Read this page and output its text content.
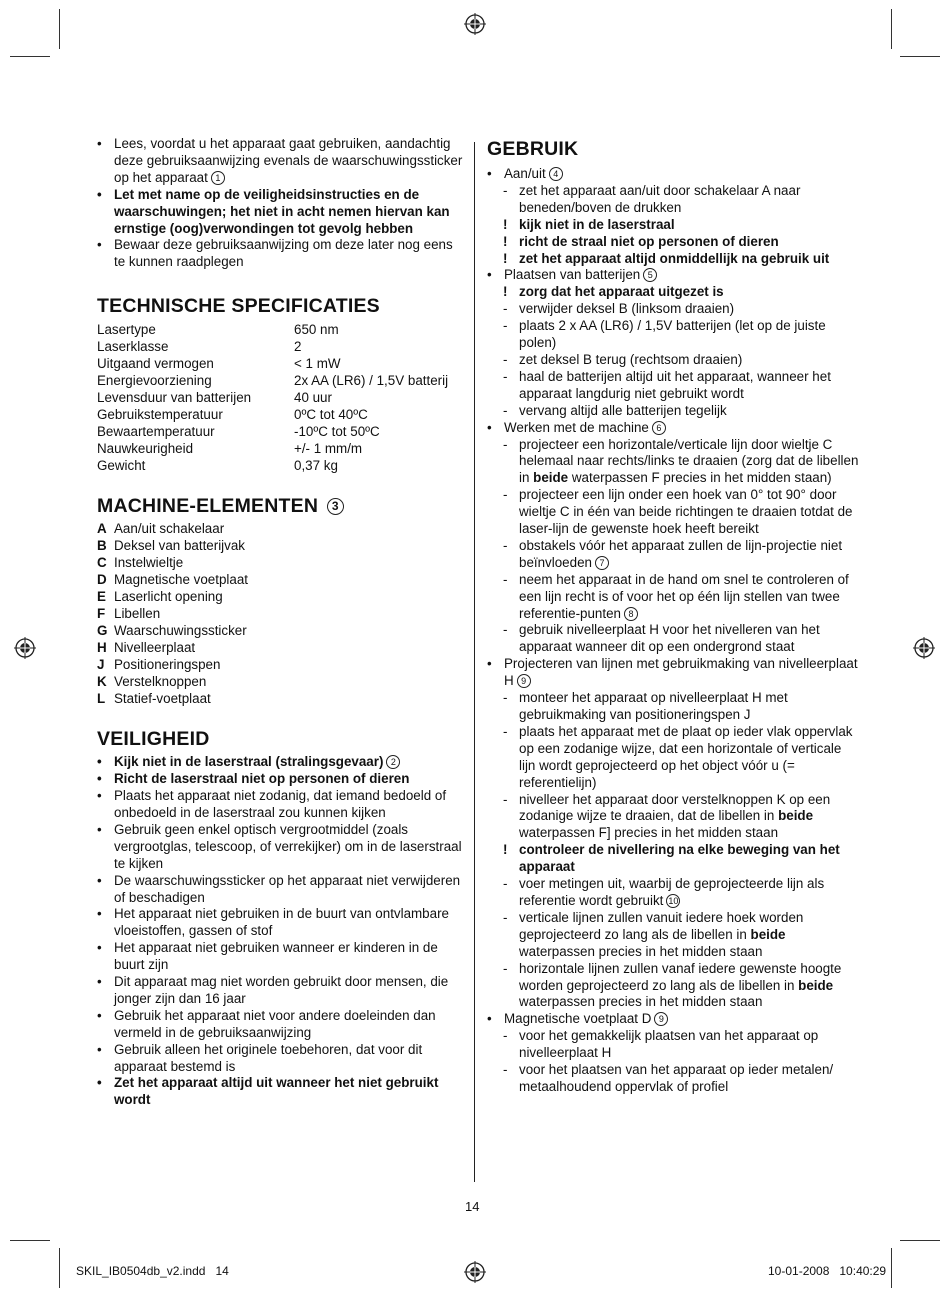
• Lees, voordat u het apparaat gaat gebruiken, aandachtig deze gebruiksaanwijzing evenals de waarschuwingssticker op het apparaat 1
• Let met name op de veiligheidsinstructies en de waarschuwingen; het niet in acht nemen hiervan kan ernstige (oog)verwondingen tot gevolg hebben
• Bewaar deze gebruiksaanwijzing om deze later nog eens te kunnen raadplegen
TECHNISCHE SPECIFICATIES
Lasertype	650 nm
Laserklasse	2
Uitgaand vermogen	< 1 mW
Energievoorziening	2x AA (LR6) / 1,5V batterij
Levensduur van batterijen	40 uur
Gebruikstemperatuur	0ºC tot 40ºC
Bewaartemperatuur	-10ºC tot 50ºC
Nauwkeurigheid	+/- 1 mm/m
Gewicht	0,37 kg
MACHINE-ELEMENTEN 3
A Aan/uit schakelaar
B Deksel van batterijvak
C Instelwieltje
D Magnetische voetplaat
E Laserlicht opening
F Libellen
G Waarschuwingssticker
H Nivelleerplaat
J Positioneringspen
K Verstelknoppen
L Statief-voetplaat
VEILIGHEID
• Kijk niet in de laserstraal (stralingsgevaar) 2
• Richt de laserstraal niet op personen of dieren
• Plaats het apparaat niet zodanig, dat iemand bedoeld of onbedoeld in de laserstraal zou kunnen kijken
• Gebruik geen enkel optisch vergrootmiddel (zoals vergrootglas, telescoop, of verrekijker) om in de laserstraal te kijken
• De waarschuwingssticker op het apparaat niet verwijderen of beschadigen
• Het apparaat niet gebruiken in de buurt van ontvlambare vloeistoffen, gassen of stof
• Het apparaat niet gebruiken wanneer er kinderen in de buurt zijn
• Dit apparaat mag niet worden gebruikt door mensen, die jonger zijn dan 16 jaar
• Gebruik het apparaat niet voor andere doeleinden dan vermeld in de gebruiksaanwijzing
• Gebruik alleen het originele toebehoren, dat voor dit apparaat bestemd is
• Zet het apparaat altijd uit wanneer het niet gebruikt wordt
GEBRUIK
• Aan/uit 4
- zet het apparaat aan/uit door schakelaar A naar beneden/boven de drukken
! kijk niet in de laserstraal
! richt de straal niet op personen of dieren
! zet het apparaat altijd onmiddellijk na gebruik uit
• Plaatsen van batterijen 5
! zorg dat het apparaat uitgezet is
- verwijder deksel B (linksom draaien)
- plaats 2 x AA (LR6) / 1,5V batterijen (let op de juiste polen)
- zet deksel B terug (rechtsom draaien)
- haal de batterijen altijd uit het apparaat, wanneer het apparaat langdurig niet gebruikt wordt
- vervang altijd alle batterijen tegelijk
• Werken met de machine 6
- projecteer een horizontale/verticale lijn door wieltje C helemaal naar rechts/links te draaien (zorg dat de libellen in beide waterpassen F precies in het midden staan)
- projecteer een lijn onder een hoek van 0° tot 90° door wieltje C in één van beide richtingen te draaien totdat de laser-lijn de gewenste hoek heeft bereikt
- obstakels vóór het apparaat zullen de lijn-projectie niet beïnvloeden 7
- neem het apparaat in de hand om snel te controleren of een lijn recht is of voor het op één lijn stellen van twee referentie-punten 8
- gebruik nivelleerplaat H voor het nivelleren van het apparaat wanneer dit op een ondergrond staat
• Projecteren van lijnen met gebruikmaking van nivelleerplaat H 9
- monteer het apparaat op nivelleerplaat H met gebruikmaking van positioneringspen J
- plaats het apparaat met de plaat op ieder vlak oppervlak op een zodanige wijze, dat een horizontale of verticale lijn wordt geprojecteerd op het object vóór u (= referentielijn)
- nivelleer het apparaat door verstelknoppen K op een zodanige wijze te draaien, dat de libellen in beide waterpassen F] precies in het midden staan
! controleer de nivellering na elke beweging van het apparaat
- voer metingen uit, waarbij de geprojecteerde lijn als referentie wordt gebruikt 10
- verticale lijnen zullen vanuit iedere hoek worden geprojecteerd zo lang als de libellen in beide waterpassen precies in het midden staan
- horizontale lijnen zullen vanaf iedere gewenste hoogte worden geprojecteerd zo lang als de libellen in beide waterpassen precies in het midden staan
• Magnetische voetplaat D 9
- voor het gemakkelijk plaatsen van het apparaat op nivelleerplaat H
- voor het plaatsen van het apparaat op ieder metalen/ metaalhoudend oppervlak of profiel
14
SKIL_IB0504db_v2.indd   14	10-01-2008   10:40:29
